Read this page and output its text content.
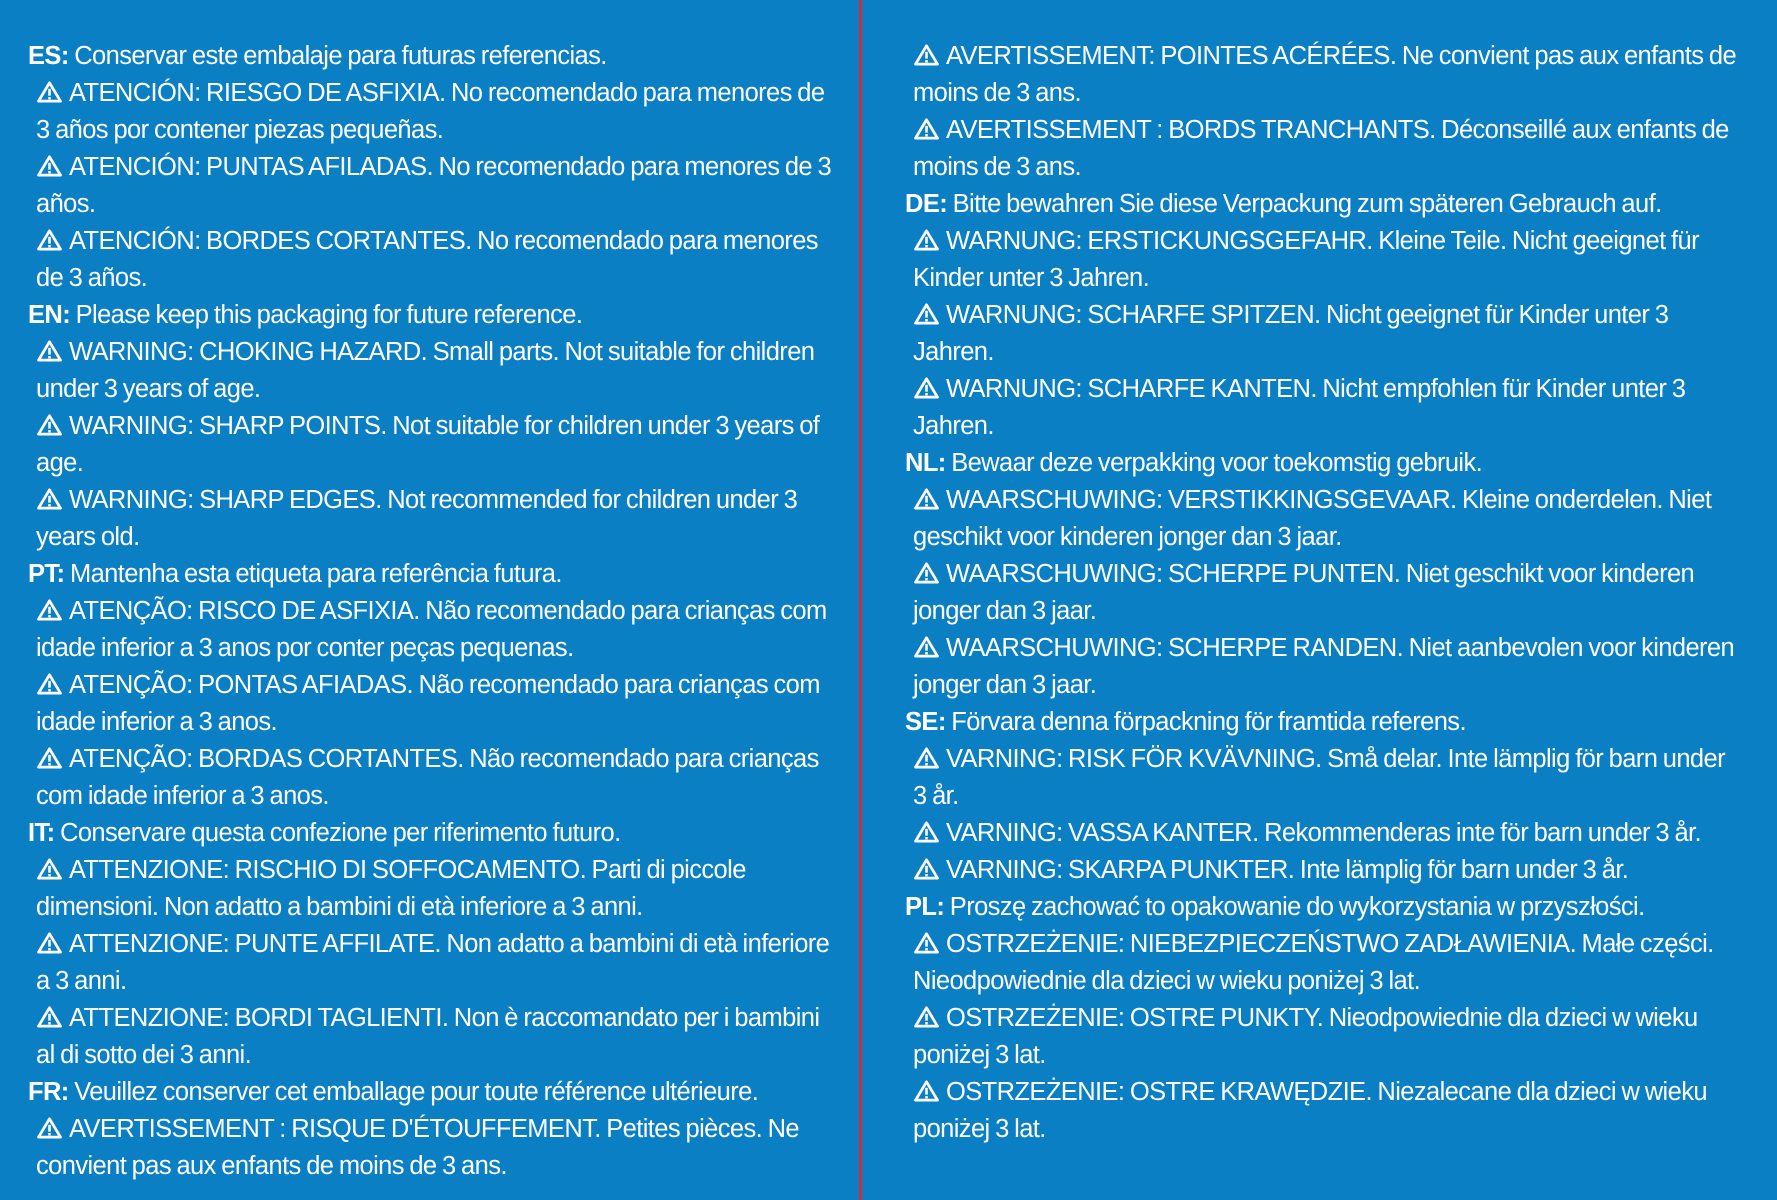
ES: Conservar este embalaje para futuras referencias.

ATENCIÓN: RIESGO DE ASFIXIA. No recomendado para menores de 3 años por contener piezas pequeñas.

ATENCIÓN: PUNTAS AFILADAS. No recomendado para menores de 3 años.

ATENCIÓN: BORDES CORTANTES. No recomendado para menores de 3 años.

EN: Please keep this packaging for future reference.

WARNING: CHOKING HAZARD. Small parts. Not suitable for children under 3 years of age.

WARNING: SHARP POINTS. Not suitable for children under 3 years of age.

WARNING: SHARP EDGES. Not recommended for children under 3 years old.

PT: Mantenha esta etiqueta para referência futura.

ATENÇÃO: RISCO DE ASFIXIA. Não recomendado para crianças com idade inferior a 3 anos por conter peças pequenas.

ATENÇÃO: PONTAS AFIADAS. Não recomendado para crianças com idade inferior a 3 anos.

ATENÇÃO: BORDAS CORTANTES. Não recomendado para crianças com idade inferior a 3 anos.

IT: Conservare questa confezione per riferimento futuro.

ATTENZIONE: RISCHIO DI SOFFOCAMENTO. Parti di piccole dimensioni. Non adatto a bambini di età inferiore a 3 anni.

ATTENZIONE: PUNTE AFFILATE. Non adatto a bambini di età inferiore a 3 anni.

ATTENZIONE: BORDI TAGLIENTI. Non è raccomandato per i bambini al di sotto dei 3 anni.

FR: Veuillez conserver cet emballage pour toute référence ultérieure.

AVERTISSEMENT : RISQUE D'ÉTOUFFEMENT. Petites pièces. Ne convient pas aux enfants de moins de 3 ans.

AVERTISSEMENT: POINTES ACÉRÉES. Ne convient pas aux enfants de moins de 3 ans.

AVERTISSEMENT : BORDS TRANCHANTS. Déconseillé aux enfants de moins de 3 ans.

DE: Bitte bewahren Sie diese Verpackung zum späteren Gebrauch auf.

WARNUNG: ERSTICKUNGSGEFAHR. Kleine Teile. Nicht geeignet für Kinder unter 3 Jahren.

WARNUNG: SCHARFE SPITZEN. Nicht geeignet für Kinder unter 3 Jahren.

WARNUNG: SCHARFE KANTEN. Nicht empfohlen für Kinder unter 3 Jahren.

NL: Bewaar deze verpakking voor toekomstig gebruik.

WAARSCHUWING: VERSTIKKINGSGEVAAR. Kleine onderdelen. Niet geschikt voor kinderen jonger dan 3 jaar.

WAARSCHUWING: SCHERPE PUNTEN. Niet geschikt voor kinderen jonger dan 3 jaar.

WAARSCHUWING: SCHERPE RANDEN. Niet aanbevolen voor kinderen jonger dan 3 jaar.

SE: Förvara denna förpackning för framtida referens.

VARNING: RISK FÖR KVÄVNING. Små delar. Inte lämplig för barn under 3 år.

VARNING: VASSA KANTER. Rekommenderas inte för barn under 3 år.

VARNING: SKARPA PUNKTER. Inte lämplig för barn under 3 år.

PL: Proszę zachować to opakowanie do wykorzystania w przyszłości.

OSTRZEŻENIE: NIEBEZPIECZEŃSTWO ZADŁAWIENIA. Małe części. Nieodpowiednie dla dzieci w wieku poniżej 3 lat.

OSTRZEŻENIE: OSTRE PUNKTY. Nieodpowiednie dla dzieci w wieku poniżej 3 lat.

OSTRZEŻENIE: OSTRE KRAWĘDZIE. Niezalecane dla dzieci w wieku poniżej 3 lat.
